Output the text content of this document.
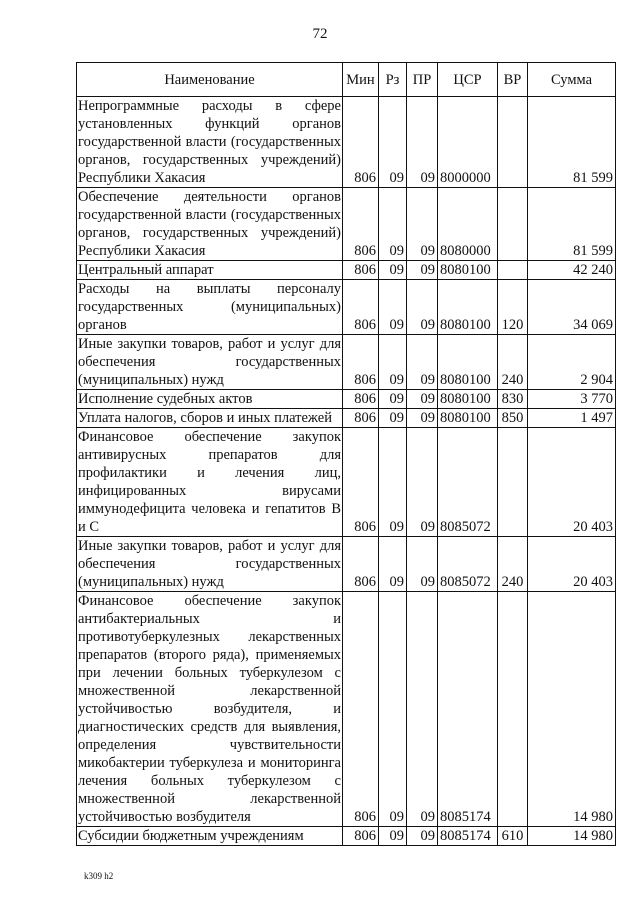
72
Наименование	Мин	Рз	ПР	ЦСР	ВР	Сумма
Непрограммные расходы в сфере установленных функций органов государственной власти (государственных органов, государственных учреждений) Республики Хакасия	806	09	09	8000000		81 599
Обеспечение деятельности органов государственной власти (государственных органов, государственных учреждений) Республики Хакасия	806	09	09	8080000		81 599
Центральный аппарат	806	09	09	8080100		42 240
Расходы на выплаты персоналу государственных (муниципальных) органов	806	09	09	8080100	120	34 069
Иные закупки товаров, работ и услуг для обеспечения государственных (муниципальных) нужд	806	09	09	8080100	240	2 904
Исполнение судебных актов	806	09	09	8080100	830	3 770
Уплата налогов, сборов и иных платежей	806	09	09	8080100	850	1 497
Финансовое обеспечение закупок антивирусных препаратов для профилактики и лечения лиц, инфицированных вирусами иммунодефицита человека и гепатитов В и С	806	09	09	8085072		20 403
Иные закупки товаров, работ и услуг для обеспечения государственных (муниципальных) нужд	806	09	09	8085072	240	20 403
Финансовое обеспечение закупок антибактериальных и противотуберкулезных лекарственных препаратов (второго ряда), применяемых при лечении больных туберкулезом с множественной лекарственной устойчивостью возбудителя, и диагностических средств для выявления, определения чувствительности микобактерии туберкулеза и мониторинга лечения больных туберкулезом с множественной лекарственной устойчивостью возбудителя	806	09	09	8085174		14 980
Субсидии бюджетным учреждениям	806	09	09	8085174	610	14 980
k309 h2
